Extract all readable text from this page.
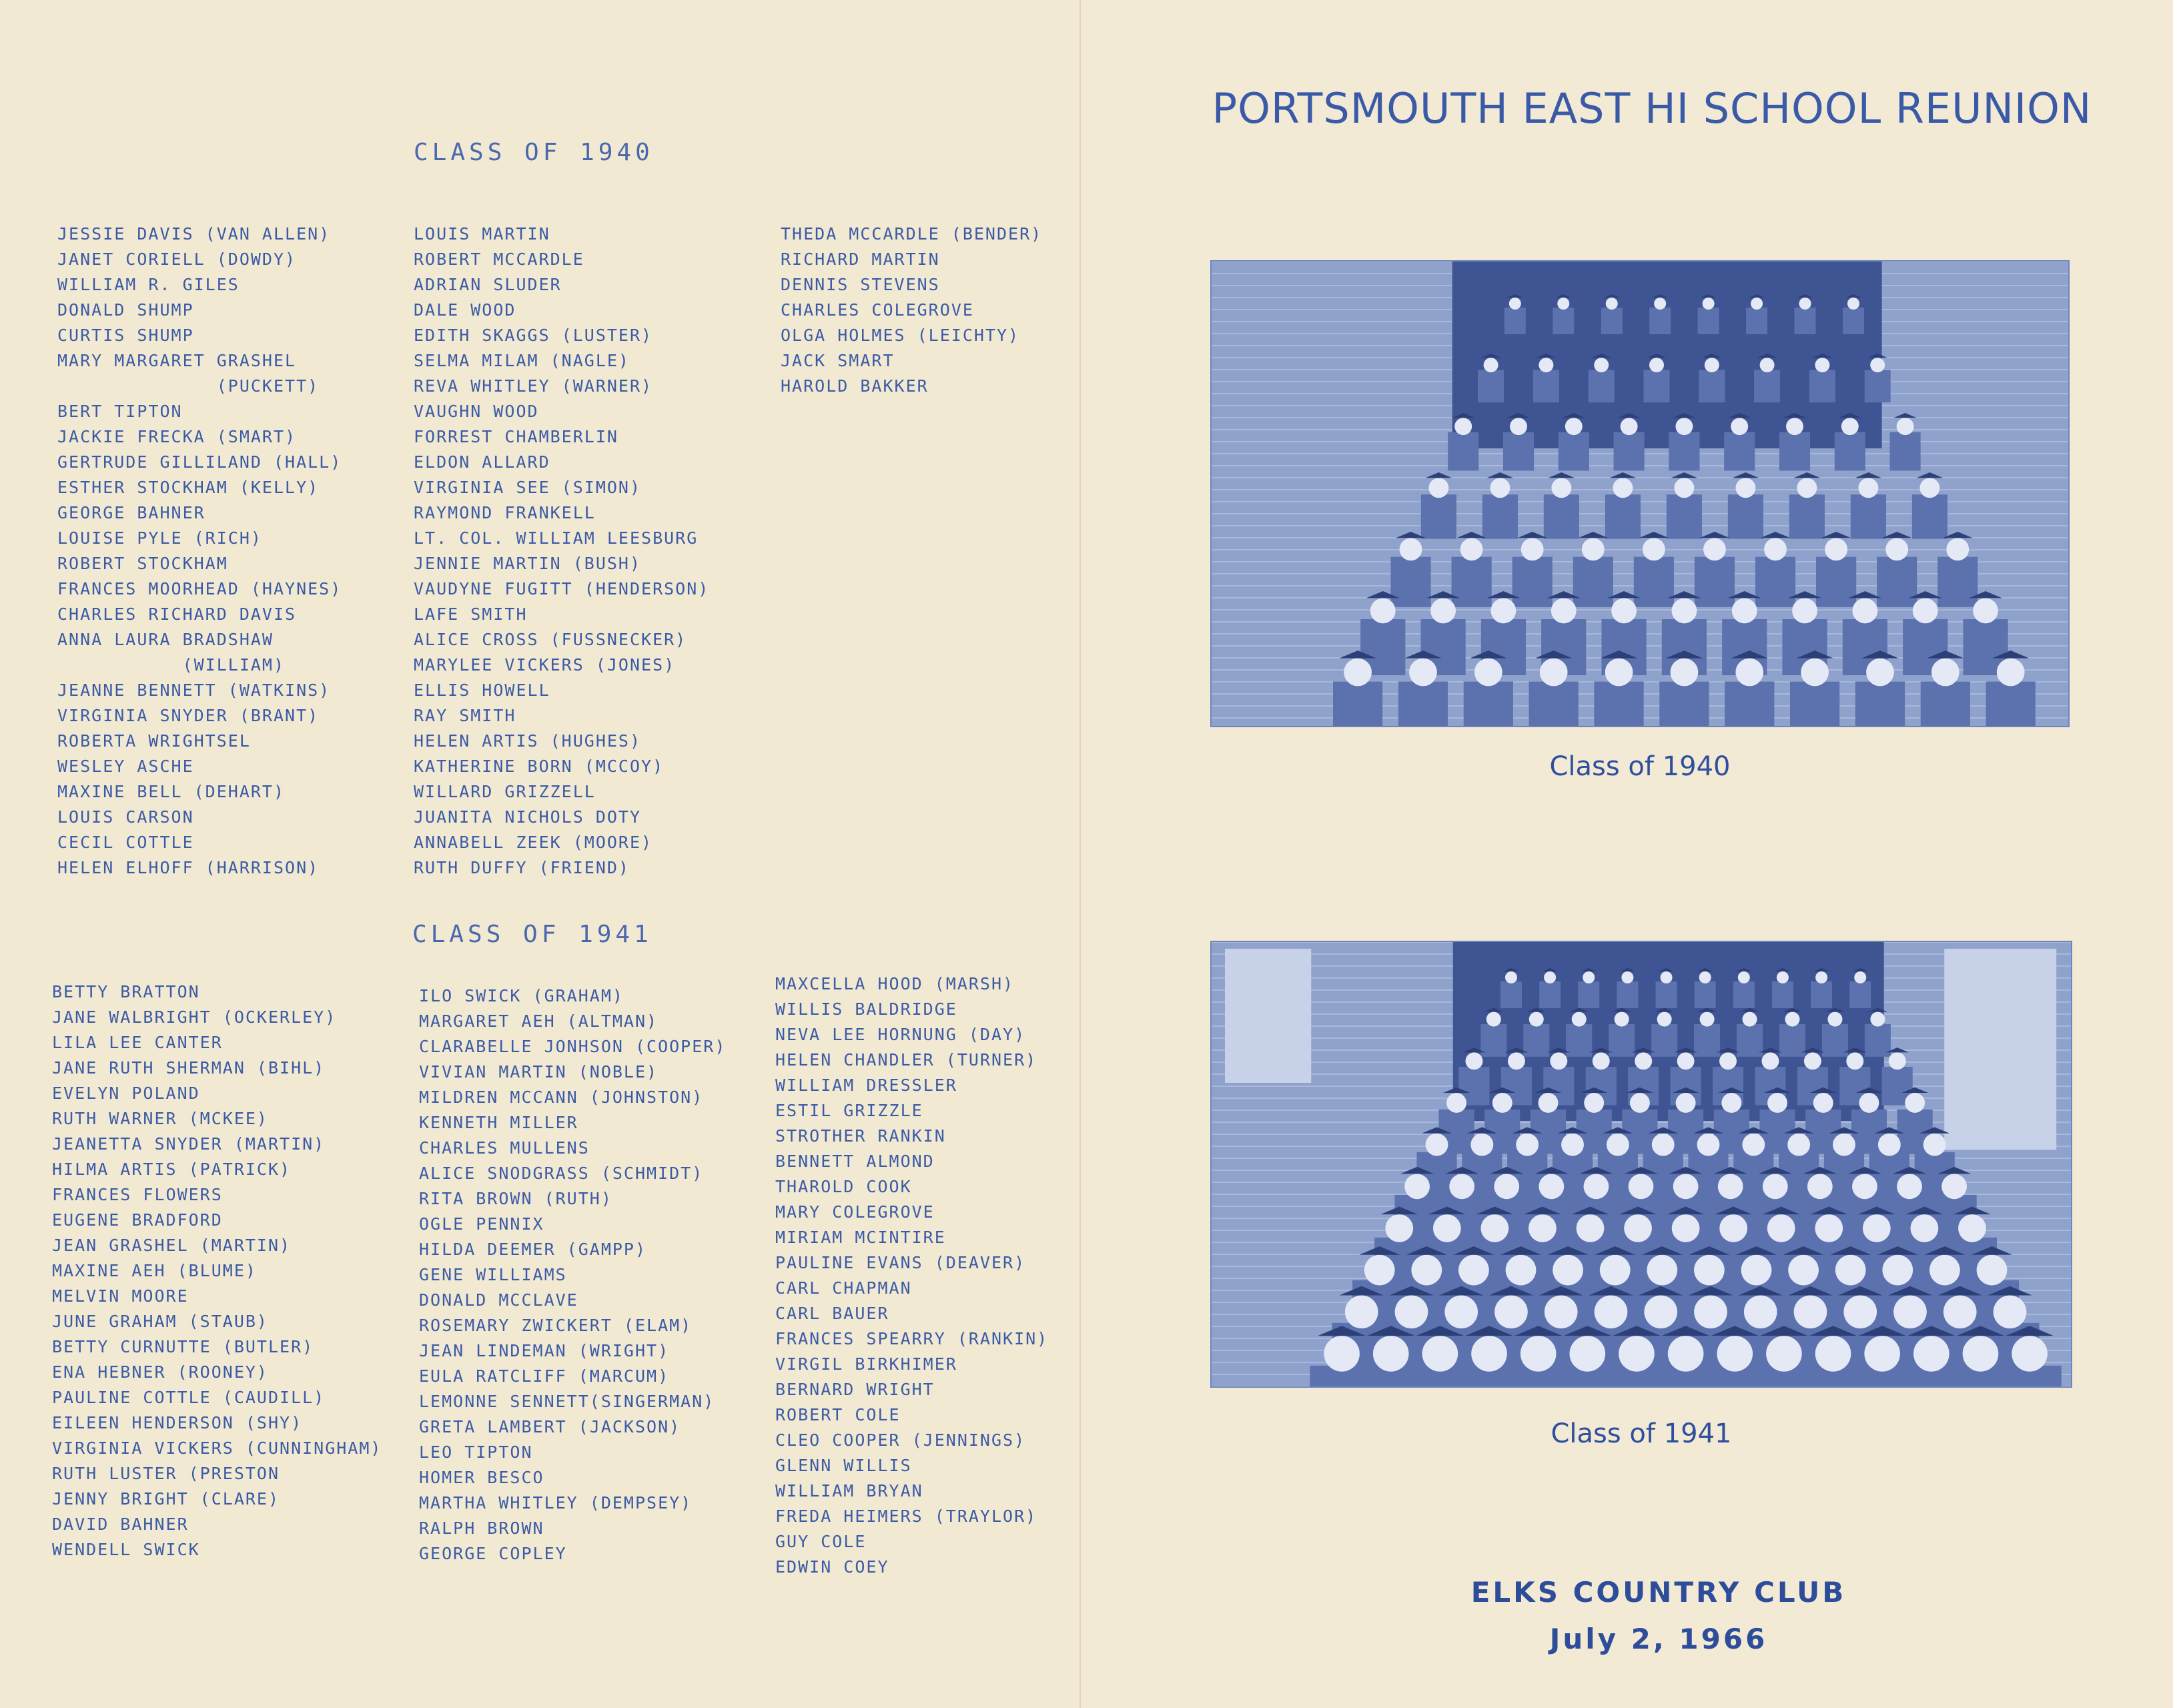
CLASS OF 1940
JESSIE DAVIS (VAN ALLEN)
JANET CORIELL (DOWDY)
WILLIAM R. GILES
DONALD SHUMP
CURTIS SHUMP
MARY MARGARET GRASHEL
(PUCKETT)
BERT TIPTON
JACKIE FRECKA (SMART)
GERTRUDE GILLILAND (HALL)
ESTHER STOCKHAM (KELLY)
GEORGE BAHNER
LOUISE PYLE (RICH)
ROBERT STOCKHAM
FRANCES MOORHEAD (HAYNES)
CHARLES RICHARD DAVIS
ANNA LAURA BRADSHAW
(WILLIAM)
JEANNE BENNETT (WATKINS)
VIRGINIA SNYDER (BRANT)
ROBERTA WRIGHTSEL
WESLEY ASCHE
MAXINE BELL (DEHART)
LOUIS CARSON
CECIL COTTLE
HELEN ELHOFF (HARRISON)
LOUIS MARTIN
ROBERT MCCARDLE
ADRIAN SLUDER
DALE WOOD
EDITH SKAGGS (LUSTER)
SELMA MILAM (NAGLE)
REVA WHITLEY (WARNER)
VAUGHN WOOD
FORREST CHAMBERLIN
ELDON ALLARD
VIRGINIA SEE (SIMON)
RAYMOND FRANKELL
LT. COL. WILLIAM LEESBURG
JENNIE MARTIN (BUSH)
VAUDYNE FUGITT (HENDERSON)
LAFE SMITH
ALICE CROSS (FUSSNECKER)
MARYLEE VICKERS (JONES)
ELLIS HOWELL
RAY SMITH
HELEN ARTIS (HUGHES)
KATHERINE BORN (MCCOY)
WILLARD GRIZZELL
JUANITA NICHOLS DOTY
ANNABELL ZEEK (MOORE)
RUTH DUFFY (FRIEND)
THEDA MCCARDLE (BENDER)
RICHARD MARTIN
DENNIS STEVENS
CHARLES COLEGROVE
OLGA HOLMES (LEICHTY)
JACK SMART
HAROLD BAKKER
CLASS OF 1941
BETTY BRATTON
JANE WALBRIGHT (OCKERLEY)
LILA LEE CANTER
JANE RUTH SHERMAN (BIHL)
EVELYN POLAND
RUTH WARNER (MCKEE)
JEANETTA SNYDER (MARTIN)
HILMA ARTIS (PATRICK)
FRANCES FLOWERS
EUGENE BRADFORD
JEAN GRASHEL (MARTIN)
MAXINE AEH (BLUME)
MELVIN MOORE
JUNE GRAHAM (STAUB)
BETTY CURNUTTE (BUTLER)
ENA HEBNER (ROONEY)
PAULINE COTTLE (CAUDILL)
EILEEN HENDERSON (SHY)
VIRGINIA VICKERS (CUNNINGHAM)
RUTH LUSTER (PRESTON
JENNY BRIGHT (CLARE)
DAVID BAHNER
WENDELL SWICK
ILO SWICK (GRAHAM)
MARGARET AEH (ALTMAN)
CLARABELLE JONHSON (COOPER)
VIVIAN MARTIN (NOBLE)
MILDREN MCCANN (JOHNSTON)
KENNETH MILLER
CHARLES MULLENS
ALICE SNODGRASS (SCHMIDT)
RITA BROWN (RUTH)
OGLE PENNIX
HILDA DEEMER (GAMPP)
GENE WILLIAMS
DONALD MCCLAVE
ROSEMARY ZWICKERT (ELAM)
JEAN LINDEMAN (WRIGHT)
EULA RATCLIFF (MARCUM)
LEMONNE SENNETT(SINGERMAN)
GRETA LAMBERT (JACKSON)
LEO TIPTON
HOMER BESCO
MARTHA WHITLEY (DEMPSEY)
RALPH BROWN
GEORGE COPLEY
MAXCELLA HOOD (MARSH)
WILLIS BALDRIDGE
NEVA LEE HORNUNG (DAY)
HELEN CHANDLER (TURNER)
WILLIAM DRESSLER
ESTIL GRIZZLE
STROTHER RANKIN
BENNETT ALMOND
THAROLD COOK
MARY COLEGROVE
MIRIAM MCINTIRE
PAULINE EVANS (DEAVER)
CARL CHAPMAN
CARL BAUER
FRANCES SPEARRY (RANKIN)
VIRGIL BIRKHIMER
BERNARD WRIGHT
ROBERT COLE
CLEO COOPER (JENNINGS)
GLENN WILLIS
WILLIAM BRYAN
FREDA HEIMERS (TRAYLOR)
GUY COLE
EDWIN COEY
PORTSMOUTH EAST HI SCHOOL REUNION
Class of 1940
Class of 1941
ELKS COUNTRY CLUB
July 2, 1966
